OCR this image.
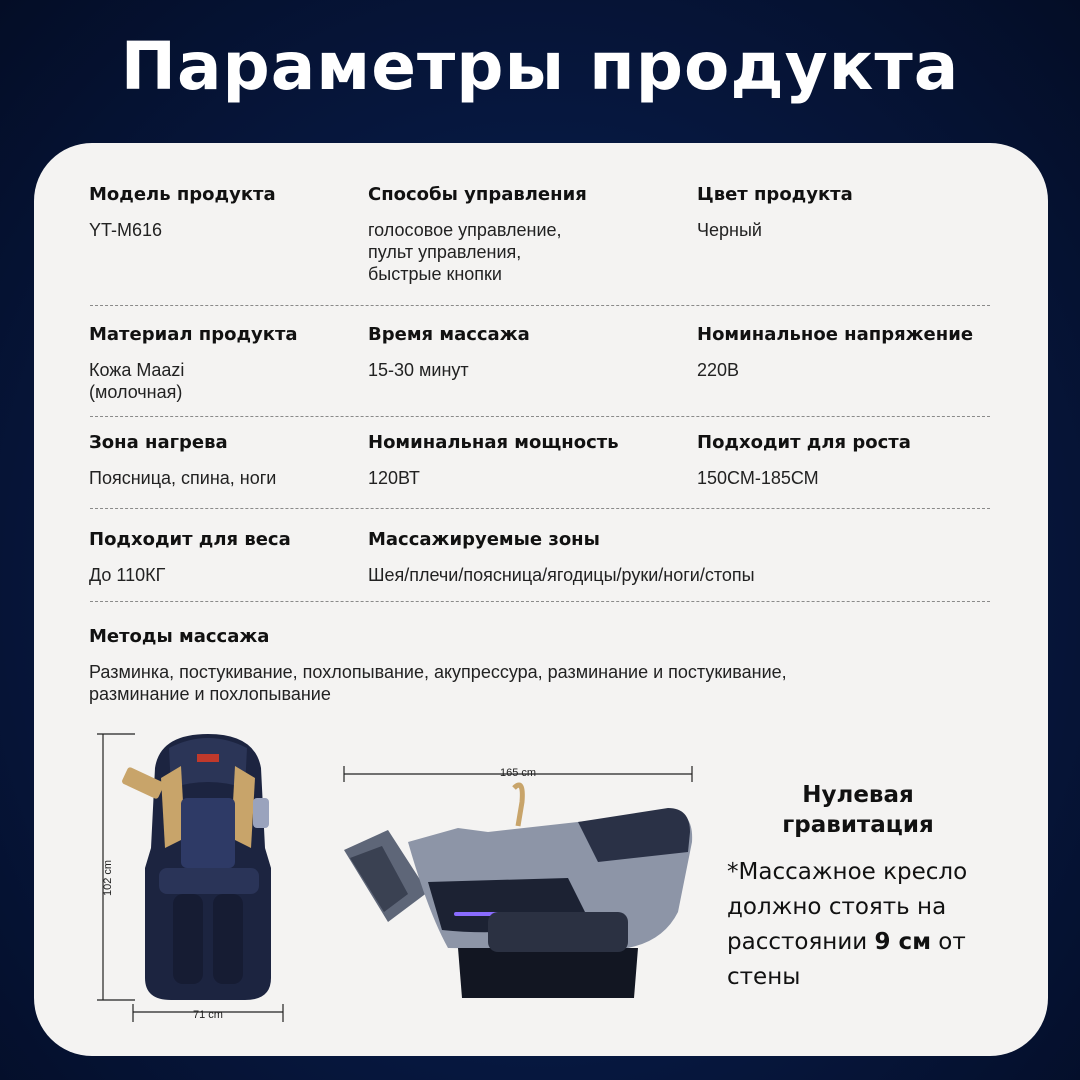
Параметры продукта
Модель продукта
YT-M616
Способы управления
голосовое управление,
пульт управления,
быстрые кнопки
Цвет продукта
Черный
Материал продукта
Кожа Maazi
(молочная)
Время массажа
15-30 минут
Номинальное напряжение
220В
Зона нагрева
Поясница, спина, ноги
Номинальная мощность
120ВТ
Подходит для роста
150СМ-185СМ
Подходит для веса
До 110КГ
Массажируемые зоны
Шея/плечи/поясница/ягодицы/руки/ноги/стопы
Методы массажа
Разминка, постукивание, похлопывание, акупрессура, разминание и постукивание, разминание и похлопывание
102 cm
71 cm
165 cm
Нулевая
гравитация
*Массажное кресло должно стоять на расстоянии 9 см от стены
